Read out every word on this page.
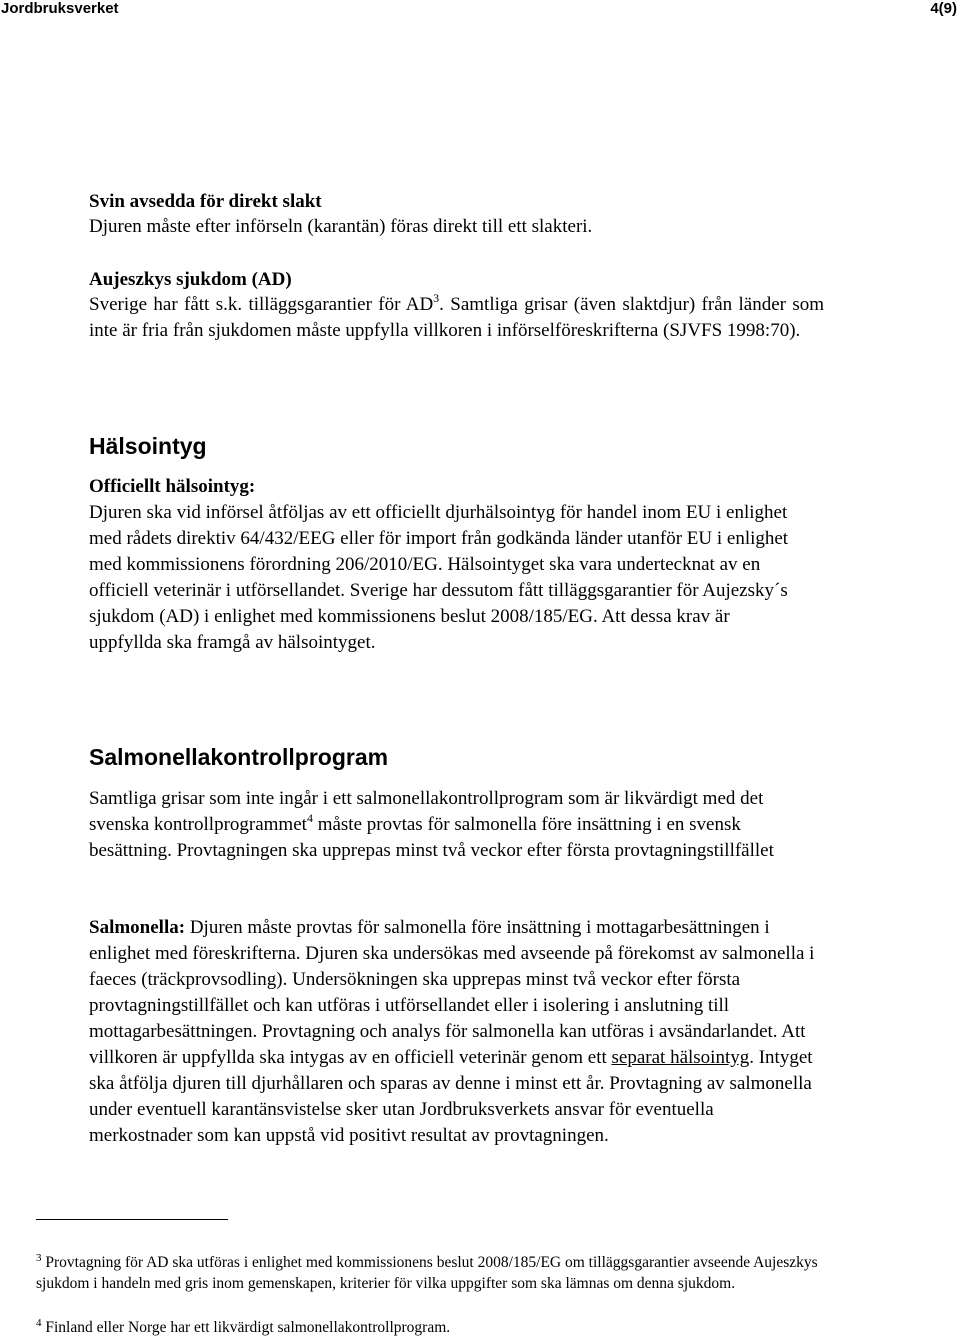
Jordbruksverket	4(9)

Svin avsedda för direkt slakt

Djuren måste efter införseln (karantän) föras direkt till ett slakteri.

Aujeszkys sjukdom (AD)

Sverige har fått s.k. tilläggsgarantier för $AD^3$. Samtliga grisar (även slaktdjur) från länder som inte är fria från sjukdomen måste uppfylla villkoren i införselföreskrifterna (SJVFS 1998:70).

Hälsointyg

Officiellt hälsointyg:

Djuren ska vid införsel åtföljas av ett officiellt djurhälsointyg för handel inom EU i enlighet med rådets direktiv 64/432/EEG eller för import från godkända länder utanför EU i enlighet med kommissionens förordning 206/2010/EG. Hälsointyget ska vara undertecknat av en officiell veterinär i utförsellandet. Sverige har dessutom fått tilläggsgarantier för Aujezsky´s sjukdom (AD) i enlighet med kommissionens beslut 2008/185/EG. Att dessa krav är uppfyllda ska framgå av hälsointyget.

Salmonellakontrollprogram

Samtliga grisar som inte ingår i ett salmonellakontrollprogram som är likvärdigt med det svenska kontrollprogrammet$^4$ måste provtas för salmonella före insättning i en svensk besättning. Provtagningen ska upprepas minst två veckor efter första provtagningstillfället

Salmonella: Djuren måste provtas för salmonella före insättning i mottagarbesättningen i enlighet med föreskrifterna. Djuren ska undersökas med avseende på förekomst av salmonella i faeces (träckprovsodling). Undersökningen ska upprepas minst två veckor efter första provtagningstillfället och kan utföras i utförsellandet eller i isolering i anslutning till mottagarbesättningen. Provtagning och analys för salmonella kan utföras i avsändarlandet. Att villkoren är uppfyllda ska intygas av en officiell veterinär genom ett separat hälsointyg. Intyget ska åtfölja djuren till djurhållaren och sparas av denne i minst ett år. Provtagning av salmonella under eventuell karantänsvistelse sker utan Jordbruksverkets ansvar för eventuella merkostnader som kan uppstå vid positivt resultat av provtagningen.

$^3$ Provtagning för AD ska utföras i enlighet med kommissionens beslut 2008/185/EG om tilläggsgarantier avseende Aujeszkys sjukdom i handeln med gris inom gemenskapen, kriterier för vilka uppgifter som ska lämnas om denna sjukdom.

$^4$ Finland eller Norge har ett likvärdigt salmonellakontrollprogram.
